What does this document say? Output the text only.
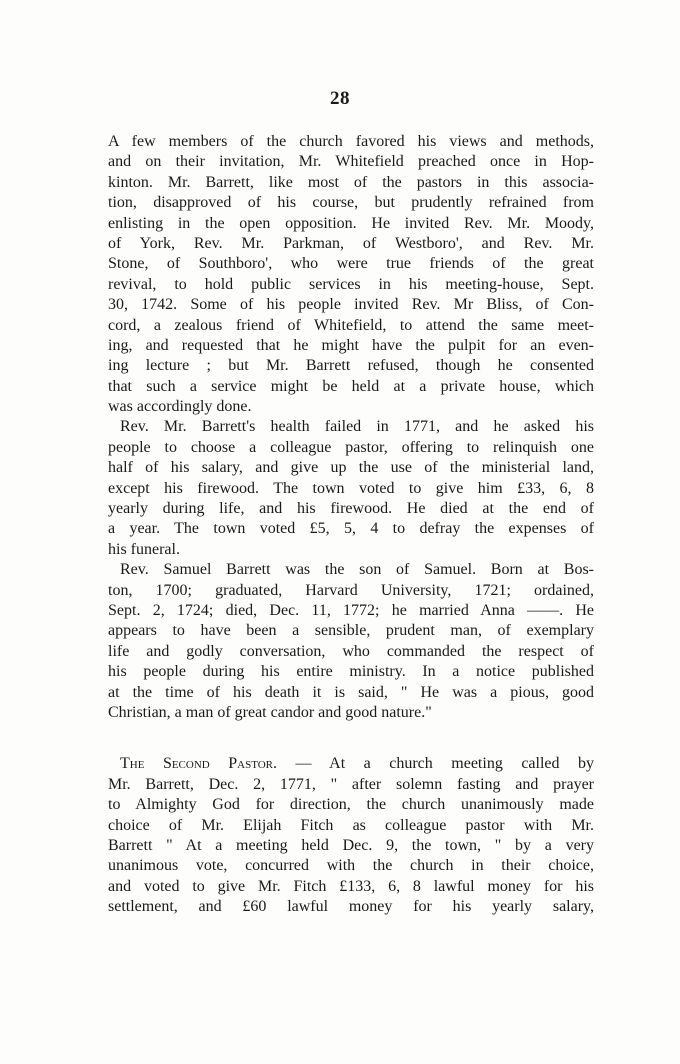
28
A few members of the church favored his views and methods,
and on their invitation, Mr. Whitefield preached once in Hop-
kinton. Mr. Barrett, like most of the pastors in this associa-
tion, disapproved of his course, but prudently refrained from
enlisting in the open opposition. He invited Rev. Mr. Moody,
of York, Rev. Mr. Parkman, of Westboro', and Rev. Mr.
Stone, of Southboro', who were true friends of the great
revival, to hold public services in his meeting-house, Sept.
30, 1742. Some of his people invited Rev. Mr Bliss, of Con-
cord, a zealous friend of Whitefield, to attend the same meet-
ing, and requested that he might have the pulpit for an even-
ing lecture ; but Mr. Barrett refused, though he consented
that such a service might be held at a private house, which
was accordingly done.
Rev. Mr. Barrett's health failed in 1771, and he asked his
people to choose a colleague pastor, offering to relinquish one
half of his salary, and give up the use of the ministerial land,
except his firewood. The town voted to give him £33, 6, 8
yearly during life, and his firewood. He died at the end of
a year. The town voted £5, 5, 4 to defray the expenses of
his funeral.
Rev. Samuel Barrett was the son of Samuel. Born at Bos-
ton, 1700; graduated, Harvard University, 1721; ordained,
Sept. 2, 1724; died, Dec. 11, 1772; he married Anna ——. He
appears to have been a sensible, prudent man, of exemplary
life and godly conversation, who commanded the respect of
his people during his entire ministry. In a notice published
at the time of his death it is said, " He was a pious, good
Christian, a man of great candor and good nature."
The Second Pastor. — At a church meeting called by
Mr. Barrett, Dec. 2, 1771, " after solemn fasting and prayer
to Almighty God for direction, the church unanimously made
choice of Mr. Elijah Fitch as colleague pastor with Mr.
Barrett " At a meeting held Dec. 9, the town, " by a very
unanimous vote, concurred with the church in their choice,
and voted to give Mr. Fitch £133, 6, 8 lawful money for his
settlement, and £60 lawful money for his yearly salary,
